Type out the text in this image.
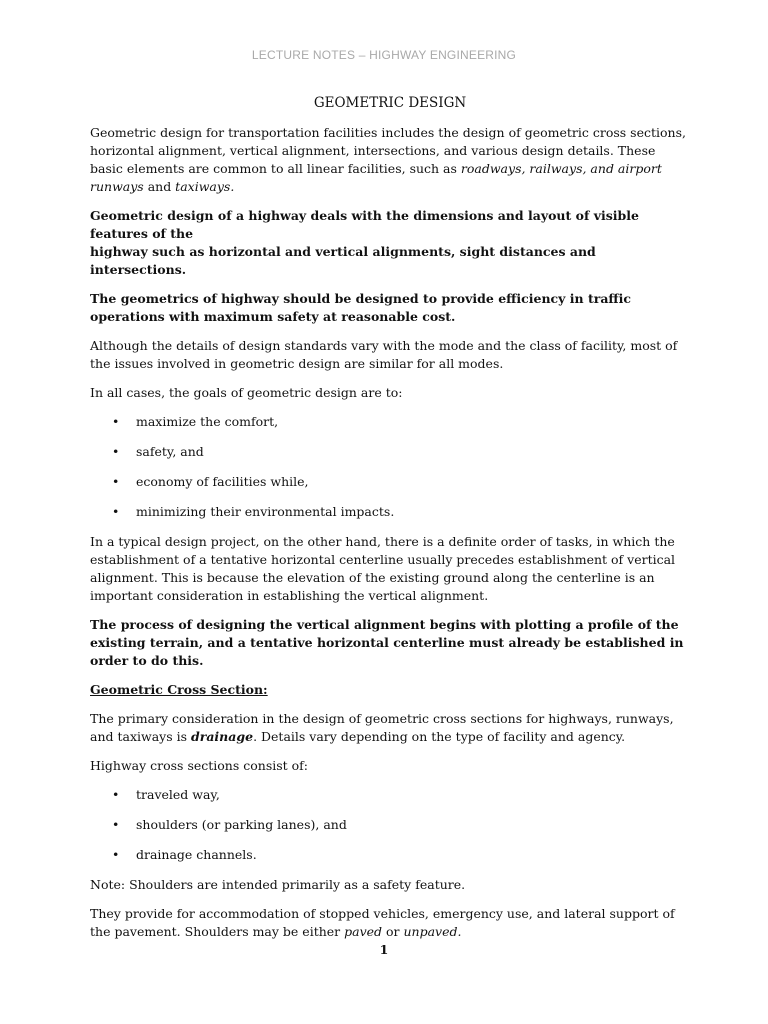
LECTURE NOTES – HIGHWAY ENGINEERING
GEOMETRIC DESIGN

Geometric design for transportation facilities includes the design of geometric cross sections, horizontal alignment, vertical alignment, intersections, and various design details. These basic elements are common to all linear facilities, such as roadways, railways, and airport runways and taxiways.

Geometric design of a highway deals with the dimensions and layout of visible features of the
highway such as horizontal and vertical alignments, sight distances and intersections.

The geometrics of highway should be designed to provide efficiency in traffic operations with maximum safety at reasonable cost.

Although the details of design standards vary with the mode and the class of facility, most of the issues involved in geometric design are similar for all modes.

In all cases, the goals of geometric design are to:

• maximize the comfort,
• safety, and
• economy of facilities while,
• minimizing their environmental impacts.

In a typical design project, on the other hand, there is a definite order of tasks, in which the establishment of a tentative horizontal centerline usually precedes establishment of vertical alignment. This is because the elevation of the existing ground along the centerline is an important consideration in establishing the vertical alignment.

The process of designing the vertical alignment begins with plotting a profile of the existing terrain, and a tentative horizontal centerline must already be established in order to do this.

Geometric Cross Section:

The primary consideration in the design of geometric cross sections for highways, runways, and taxiways is drainage. Details vary depending on the type of facility and agency.

Highway cross sections consist of:

• traveled way,
• shoulders (or parking lanes), and
• drainage channels.

Note: Shoulders are intended primarily as a safety feature.

They provide for accommodation of stopped vehicles, emergency use, and lateral support of the pavement. Shoulders may be either paved or unpaved.

1
